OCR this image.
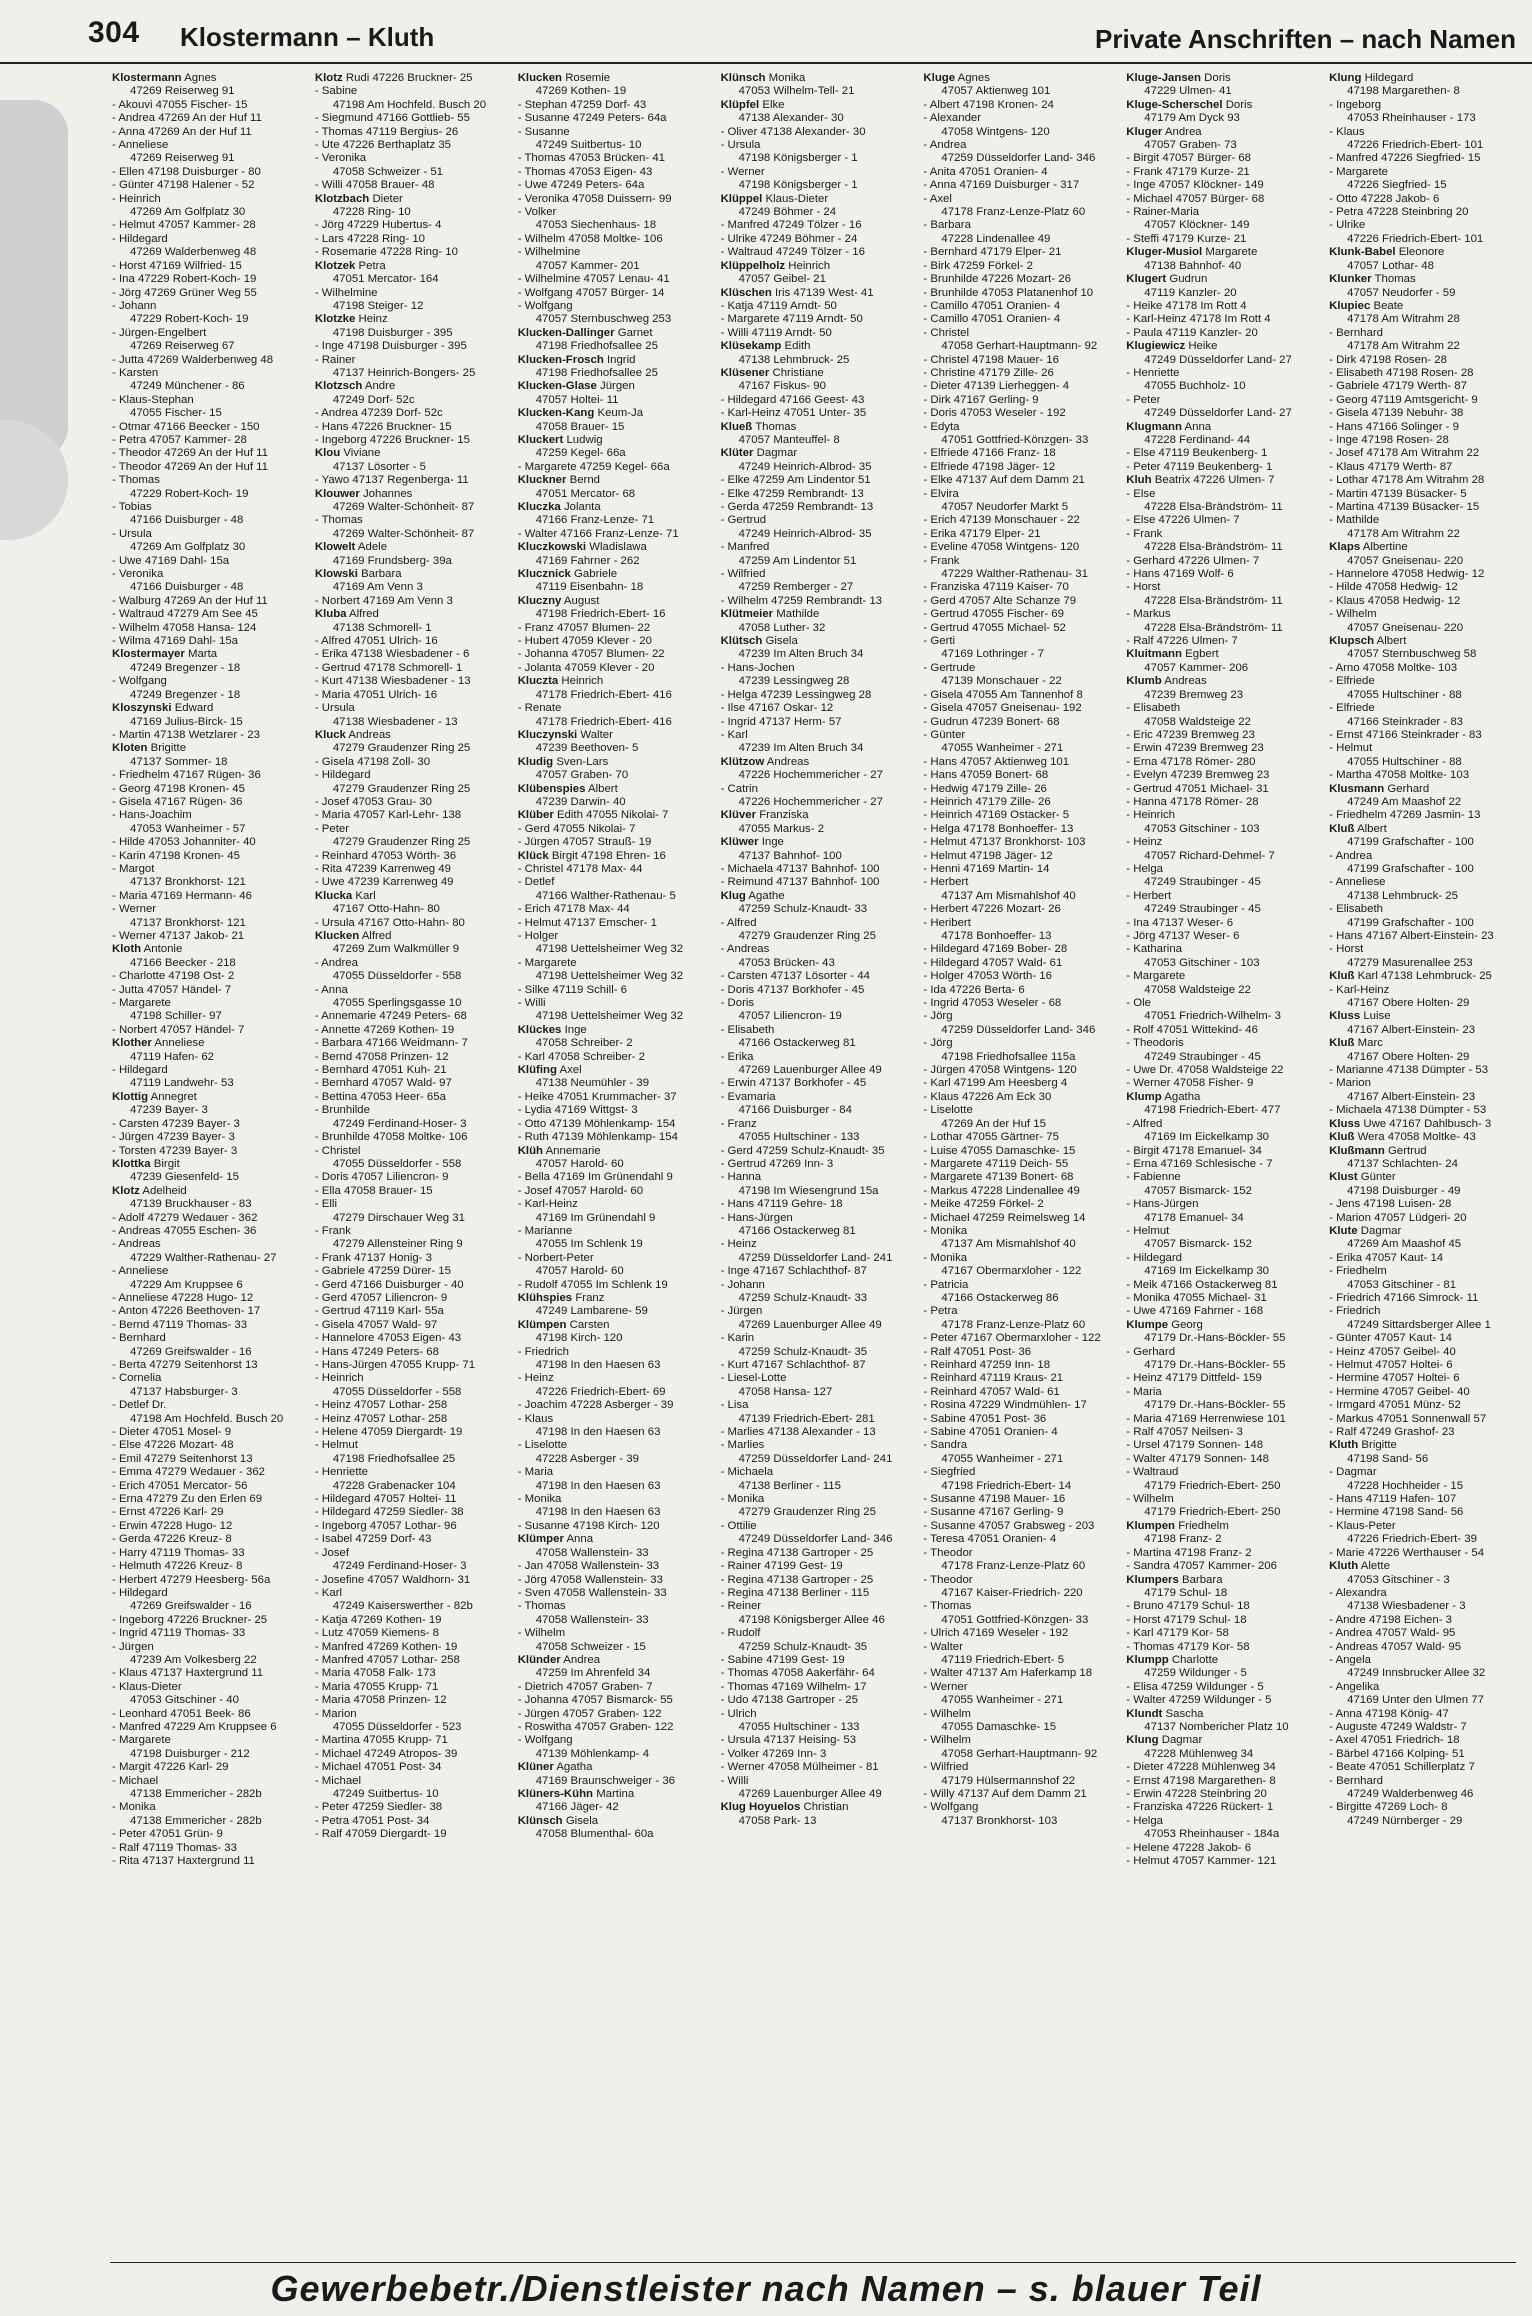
304 Klostermann – Kluth	Private Anschriften – nach Namen
Klostermann Agnes
47269 Reiserweg 91
- Akouvi 47055 Fischer- 15
- Andrea 47269 An der Huf 11
- Anna 47269 An der Huf 11
- Anneliese
47269 Reiserweg 91
- Ellen 47198 Duisburger - 80
- Günter 47198 Halener - 52
- Heinrich
47269 Am Golfplatz 30
- Helmut 47057 Kammer- 28
- Hildegard
47269 Walderbenweg 48
- Horst 47169 Wilfried- 15
- Ina 47229 Robert-Koch- 19
- Jörg 47269 Grüner Weg 55
- Johann
47229 Robert-Koch- 19
- Jürgen-Engelbert
47269 Reiserweg 67
- Jutta 47269 Walderbenweg 48
- Karsten
47249 Münchener - 86
- Klaus-Stephan
47055 Fischer- 15
- Otmar 47166 Beecker - 150
- Petra 47057 Kammer- 28
- Theodor 47269 An der Huf 11
- Theodor 47269 An der Huf 11
- Thomas
47229 Robert-Koch- 19
- Tobias
47166 Duisburger - 48
- Ursula
47269 Am Golfplatz 30
- Uwe 47169 Dahl- 15a
- Veronika
47166 Duisburger - 48
- Walburg 47269 An der Huf 11
- Waltraud 47279 Am See 45
- Wilhelm 47058 Hansa- 124
- Wilma 47169 Dahl- 15a
Klostermayer Marta
47249 Bregenzer - 18
- Wolfgang
47249 Bregenzer - 18
Kloszynski Edward
47169 Julius-Birck- 15
- Martin 47138 Wetzlarer - 23
Kloten Brigitte
47137 Sommer- 18
- Friedhelm 47167 Rügen- 36
- Georg 47198 Kronen- 45
- Gisela 47167 Rügen- 36
- Hans-Joachim
47053 Wanheimer - 57
- Hilde 47053 Johanniter- 40
- Karin 47198 Kronen- 45
- Margot
47137 Bronkhorst- 121
- Maria 47169 Hermann- 46
- Werner
47137 Bronkhorst- 121
- Werner 47137 Jakob- 21
Kloth Antonie
47166 Beecker - 218
- Charlotte 47198 Ost- 2
- Jutta 47057 Händel- 7
- Margarete
47198 Schiller- 97
- Norbert 47057 Händel- 7
Klother Anneliese
47119 Hafen- 62
- Hildegard
47119 Landwehr- 53
Klottig Annegret
47239 Bayer- 3
- Carsten 47239 Bayer- 3
- Jürgen 47239 Bayer- 3
- Torsten 47239 Bayer- 3
Klottka Birgit
47239 Giesenfeld- 15
Klotz Adelheid
47139 Bruckhauser - 83
- Adolf 47279 Wedauer - 362
- Andreas 47055 Eschen- 36
- Andreas
47229 Walther-Rathenau- 27
- Anneliese
47229 Am Kruppsee 6
- Anneliese 47228 Hugo- 12
- Anton 47226 Beethoven- 17
- Bernd 47119 Thomas- 33
- Bernhard
47269 Greifswalder - 16
- Berta 47279 Seitenhorst 13
- Cornelia
47137 Habsburger- 3
- Detlef Dr.
47198 Am Hochfeld. Busch 20
- Dieter 47051 Mosel- 9
- Else 47226 Mozart- 48
- Emil 47279 Seitenhorst 13
- Emma 47279 Wedauer - 362
- Erich 47051 Mercator- 56
- Erna 47279 Zu den Erlen 69
- Ernst 47226 Karl- 29
- Erwin 47228 Hugo- 12
- Gerda 47226 Kreuz- 8
- Harry 47119 Thomas- 33
- Helmuth 47226 Kreuz- 8
- Herbert 47279 Heesberg- 56a
- Hildegard
47269 Greifswalder - 16
- Ingeborg 47226 Bruckner- 25
- Ingrid 47119 Thomas- 33
- Jürgen
47239 Am Volkesberg 22
- Klaus 47137 Haxtergrund 11
- Klaus-Dieter
47053 Gitschiner - 40
- Leonhard 47051 Beek- 86
- Manfred 47229 Am Kruppsee 6
- Margarete
47198 Duisburger - 212
- Margit 47226 Karl- 29
- Michael
47138 Emmericher - 282b
- Monika
47138 Emmericher - 282b
- Peter 47051 Grün- 9
- Ralf 47119 Thomas- 33
- Rita 47137 Haxtergrund 11
Klotz Rudi 47226 Bruckner- 25
- Sabine
47198 Am Hochfeld. Busch 20
- Siegmund 47166 Gottlieb- 55
- Thomas 47119 Bergius- 26
- Ute 47226 Berthaplatz 35
- Veronika
47058 Schweizer - 51
- Willi 47058 Brauer- 48
Klotzbach Dieter
47228 Ring- 10
- Jörg 47229 Hubertus- 4
- Lars 47228 Ring- 10
- Rosemarie 47228 Ring- 10
Klotzek Petra
47051 Mercator- 164
- Wilhelmine
47198 Steiger- 12
Klotzke Heinz
47198 Duisburger - 395
- Inge 47198 Duisburger - 395
- Rainer
47137 Heinrich-Bongers- 25
Klotzsch Andre
47249 Dorf- 52c
- Andrea 47239 Dorf- 52c
- Hans 47226 Bruckner- 15
- Ingeborg 47226 Bruckner- 15
Klou Viviane
47137 Lösorter - 5
- Yawo 47137 Regenberga- 11
Klouwer Johannes
47269 Walter-Schönheit- 87
- Thomas
47269 Walter-Schönheit- 87
Klowelt Adele
47169 Frundsberg- 39a
Klowski Barbara
47169 Am Venn 3
- Norbert 47169 Am Venn 3
Kluba Alfred
47138 Schmorell- 1
- Alfred 47051 Ulrich- 16
- Erika 47138 Wiesbadener - 6
- Gertrud 47178 Schmorell- 1
- Kurt 47138 Wiesbadener - 13
- Maria 47051 Ulrich- 16
- Ursula
47138 Wiesbadener - 13
Kluck Andreas
47279 Graudenzer Ring 25
- Gisela 47198 Zoll- 30
- Hildegard
47279 Graudenzer Ring 25
- Josef 47053 Grau- 30
- Maria 47057 Karl-Lehr- 138
- Peter
47279 Graudenzer Ring 25
- Reinhard 47053 Wörth- 36
- Rita 47239 Karrenweg 49
- Uwe 47239 Karrenweg 49
Klucka Karl
47167 Otto-Hahn- 80
- Ursula 47167 Otto-Hahn- 80
Klucken Alfred
47269 Zum Walkmüller 9
- Andrea
47055 Düsseldorfer - 558
- Anna
47055 Sperlingsgasse 10
- Annemarie 47249 Peters- 68
- Annette 47269 Kothen- 19
- Barbara 47166 Weidmann- 7
- Bernd 47058 Prinzen- 12
- Bernhard 47051 Kuh- 21
- Bernhard 47057 Wald- 97
- Bettina 47053 Heer- 65a
- Brunhilde
47249 Ferdinand-Hoser- 3
- Brunhilde 47058 Moltke- 106
- Christel
47055 Düsseldorfer - 558
- Doris 47057 Liliencron- 9
- Ella 47058 Brauer- 15
- Elli
47279 Dirschauer Weg 31
- Frank
47279 Allensteiner Ring 9
- Frank 47137 Honig- 3
- Gabriele 47259 Dürer- 15
- Gerd 47166 Duisburger - 40
- Gerd 47057 Liliencron- 9
- Gertrud 47119 Karl- 55a
- Gisela 47057 Wald- 97
- Hannelore 47053 Eigen- 43
- Hans 47249 Peters- 68
- Hans-Jürgen 47055 Krupp- 71
- Heinrich
47055 Düsseldorfer - 558
- Heinz 47057 Lothar- 258
- Heinz 47057 Lothar- 258
- Helene 47059 Diergardt- 19
- Helmut
47198 Friedhofsallee 25
- Henriette
47228 Grabenacker 104
- Hildegard 47057 Holtei- 11
- Hildegard 47259 Siedler- 38
- Ingeborg 47057 Lothar- 96
- Isabel 47259 Dorf- 43
- Josef
47249 Ferdinand-Hoser- 3
- Josefine 47057 Waldhorn- 31
- Karl
47249 Kaiserswerther - 82b
- Katja 47269 Kothen- 19
- Lutz 47059 Kiemens- 8
- Manfred 47269 Kothen- 19
- Manfred 47057 Lothar- 258
- Maria 47058 Falk- 173
- Maria 47055 Krupp- 71
- Maria 47058 Prinzen- 12
- Marion
47055 Düsseldorfer - 523
- Martina 47055 Krupp- 71
- Michael 47249 Atropos- 39
- Michael 47051 Post- 34
- Michael
47249 Suitbertus- 10
- Peter 47259 Siedler- 38
- Petra 47051 Post- 34
- Ralf 47059 Diergardt- 19
Klucken Rosemie
47269 Kothen- 19
- Stephan 47259 Dorf- 43
- Susanne 47249 Peters- 64a
- Susanne
47249 Suitbertus- 10
- Thomas 47053 Brücken- 41
- Thomas 47053 Eigen- 43
- Uwe 47249 Peters- 64a
- Veronika 47058 Duissern- 99
- Volker
47053 Siechenhaus- 18
- Wilhelm 47058 Moltke- 106
- Wilhelmine
47057 Kammer- 201
- Wilhelmine 47057 Lenau- 41
- Wolfgang 47057 Bürger- 14
- Wolfgang
47057 Sternbuschweg 253
Klucken-Dallinger Garnet
47198 Friedhofsallee 25
Klucken-Frosch Ingrid
47198 Friedhofsallee 25
Klucken-Glase Jürgen
47057 Holtei- 11
Klucken-Kang Keum-Ja
47058 Brauer- 15
Kluckert Ludwig
47259 Kegel- 66a
- Margarete 47259 Kegel- 66a
Kluckner Bernd
47051 Mercator- 68
Kluczka Jolanta
47166 Franz-Lenze- 71
- Walter 47166 Franz-Lenze- 71
Kluczkowski Wladislawa
47169 Fahrner - 262
Klucznick Gabriele
47119 Eisenbahn- 18
Kluczny August
47198 Friedrich-Ebert- 16
- Franz 47057 Blumen- 22
- Hubert 47059 Klever - 20
- Johanna 47057 Blumen- 22
- Jolanta 47059 Klever - 20
Kluczta Heinrich
47178 Friedrich-Ebert- 416
- Renate
47178 Friedrich-Ebert- 416
Kluczynski Walter
47239 Beethoven- 5
Kludig Sven-Lars
47057 Graben- 70
Klübenspies Albert
47239 Darwin- 40
Klüber Edith 47055 Nikolai- 7
- Gerd 47055 Nikolai- 7
- Jürgen 47057 Strauß- 19
Klück Birgit 47198 Ehren- 16
- Christel 47178 Max- 44
- Detlef
47166 Walther-Rathenau- 5
- Erich 47178 Max- 44
- Helmut 47137 Emscher- 1
- Holger
47198 Uettelsheimer Weg 32
- Margarete
47198 Uettelsheimer Weg 32
- Silke 47119 Schill- 6
- Willi
47198 Uettelsheimer Weg 32
Klückes Inge
47058 Schreiber- 2
- Karl 47058 Schreiber- 2
Klüfing Axel
47138 Neumühler - 39
- Heike 47051 Krummacher- 37
- Lydia 47169 Wittgst- 3
- Otto 47139 Möhlenkamp- 154
- Ruth 47139 Möhlenkamp- 154
Klüh Annemarie
47057 Harold- 60
- Bella 47169 Im Grünendahl 9
- Josef 47057 Harold- 60
- Karl-Heinz
47169 Im Grünendahl 9
- Marianne
47055 Im Schlenk 19
- Norbert-Peter
47057 Harold- 60
- Rudolf 47055 Im Schlenk 19
Klühspies Franz
47249 Lambarene- 59
Klümpen Carsten
47198 Kirch- 120
- Friedrich
47198 In den Haesen 63
- Heinz
47226 Friedrich-Ebert- 69
- Joachim 47228 Asberger - 39
- Klaus
47198 In den Haesen 63
- Liselotte
47228 Asberger - 39
- Maria
47198 In den Haesen 63
- Monika
47198 In den Haesen 63
- Susanne 47198 Kirch- 120
Klümper Anna
47058 Wallenstein- 33
- Jan 47058 Wallenstein- 33
- Jörg 47058 Wallenstein- 33
- Sven 47058 Wallenstein- 33
- Thomas
47058 Wallenstein- 33
- Wilhelm
47058 Schweizer - 15
Klünder Andrea
47259 Im Ahrenfeld 34
- Dietrich 47057 Graben- 7
- Johanna 47057 Bismarck- 55
- Jürgen 47057 Graben- 122
- Roswitha 47057 Graben- 122
- Wolfgang
47139 Möhlenkamp- 4
Klüner Agatha
47169 Braunschweiger - 36
Klüners-Kühn Martina
47166 Jäger- 42
Klünsch Gisela
47058 Blumenthal- 60a
Klünsch Monika
47053 Wilhelm-Tell- 21
Klüpfel Elke
47138 Alexander- 30
- Oliver 47138 Alexander- 30
- Ursula
47198 Königsberger - 1
- Werner
47198 Königsberger - 1
Klüppel Klaus-Dieter
47249 Böhmer - 24
- Manfred 47249 Tölzer - 16
- Ulrike 47249 Böhmer - 24
- Waltraud 47249 Tölzer - 16
Klüppelholz Heinrich
47057 Geibel- 21
Klüschen Iris 47139 West- 41
- Katja 47119 Arndt- 50
- Margarete 47119 Arndt- 50
- Willi 47119 Arndt- 50
Klüsekamp Edith
47138 Lehmbruck- 25
Klüsener Christiane
47167 Fiskus- 90
- Hildegard 47166 Geest- 43
- Karl-Heinz 47051 Unter- 35
Klueß Thomas
47057 Manteuffel- 8
Klüter Dagmar
47249 Heinrich-Albrod- 35
- Elke 47259 Am Lindentor 51
- Elke 47259 Rembrandt- 13
- Gerda 47259 Rembrandt- 13
- Gertrud
47249 Heinrich-Albrod- 35
- Manfred
47259 Am Lindentor 51
- Wilfried
47259 Remberger - 27
- Wilhelm 47259 Rembrandt- 13
Klütmeier Mathilde
47058 Luther- 32
Klütsch Gisela
47239 Im Alten Bruch 34
- Hans-Jochen
47239 Lessingweg 28
- Helga 47239 Lessingweg 28
- Ilse 47167 Oskar- 12
- Ingrid 47137 Herm- 57
- Karl
47239 Im Alten Bruch 34
Klützow Andreas
47226 Hochemmericher - 27
- Catrin
47226 Hochemmericher - 27
Klüver Franziska
47055 Markus- 2
Klüwer Inge
47137 Bahnhof- 100
- Michaela 47137 Bahnhof- 100
- Reimund 47137 Bahnhof- 100
Klug Agathe
47259 Schulz-Knaudt- 33
- Alfred
47279 Graudenzer Ring 25
- Andreas
47053 Brücken- 43
- Carsten 47137 Lösorter - 44
- Doris 47137 Borkhofer - 45
- Doris
47057 Liliencron- 19
- Elisabeth
47166 Ostackerweg 81
- Erika
47269 Lauenburger Allee 49
- Erwin 47137 Borkhofer - 45
- Evamaria
47166 Duisburger - 84
- Franz
47055 Hultschiner - 133
- Gerd 47259 Schulz-Knaudt- 35
- Gertrud 47269 Inn- 3
- Hanna
47198 Im Wiesengrund 15a
- Hans 47119 Gehre- 18
- Hans-Jürgen
47166 Ostackerweg 81
- Heinz
47259 Düsseldorfer Land- 241
- Inge 47167 Schlachthof- 87
- Johann
47259 Schulz-Knaudt- 33
- Jürgen
47269 Lauenburger Allee 49
- Karin
47259 Schulz-Knaudt- 35
- Kurt 47167 Schlachthof- 87
- Liesel-Lotte
47058 Hansa- 127
- Lisa
47139 Friedrich-Ebert- 281
- Marlies 47138 Alexander - 13
- Marlies
47259 Düsseldorfer Land- 241
- Michaela
47138 Berliner - 115
- Monika
47279 Graudenzer Ring 25
- Ottilie
47249 Düsseldorfer Land- 346
- Regina 47138 Gartroper - 25
- Rainer 47199 Gest- 19
- Regina 47138 Gartroper - 25
- Regina 47138 Berliner - 115
- Reiner
47198 Königsberger Allee 46
- Rudolf
47259 Schulz-Knaudt- 35
- Sabine 47199 Gest- 19
- Thomas 47058 Aakerfähr- 64
- Thomas 47169 Wilhelm- 17
- Udo 47138 Gartroper - 25
- Ulrich
47055 Hultschiner - 133
- Ursula 47137 Heising- 53
- Volker 47269 Inn- 3
- Werner 47058 Mülheimer - 81
- Willi
47269 Lauenburger Allee 49
Klug Hoyuelos Christian
47058 Park- 13
Kluge Agnes
47057 Aktienweg 101
- Albert 47198 Kronen- 24
- Alexander
47058 Wintgens- 120
- Andrea
47259 Düsseldorfer Land- 346
- Anita 47051 Oranien- 4
- Anna 47169 Duisburger - 317
- Axel
47178 Franz-Lenze-Platz 60
- Barbara
47228 Lindenallee 49
- Bernhard 47179 Elper- 21
- Birk 47259 Förkel- 2
- Brunhilde 47226 Mozart- 26
- Brunhilde 47053 Platanenhof 10
- Camillo 47051 Oranien- 4
- Camillo 47051 Oranien- 4
- Christel
47058 Gerhart-Hauptmann- 92
- Christel 47198 Mauer- 16
- Christine 47179 Zille- 26
- Dieter 47139 Lierheggen- 4
- Dirk 47167 Gerling- 9
- Doris 47053 Weseler - 192
- Edyta
47051 Gottfried-Könzgen- 33
- Elfriede 47166 Franz- 18
- Elfriede 47198 Jäger- 12
- Elke 47137 Auf dem Damm 21
- Elvira
47057 Neudorfer Markt 5
- Erich 47139 Monschauer - 22
- Erika 47179 Elper- 21
- Eveline 47058 Wintgens- 120
- Frank
47229 Walther-Rathenau- 31
- Franziska 47119 Kaiser- 70
- Gerd 47057 Alte Schanze 79
- Gertrud 47055 Fischer- 69
- Gertrud 47055 Michael- 52
- Gerti
47169 Lothringer - 7
- Gertrude
47139 Monschauer - 22
- Gisela 47055 Am Tannenhof 8
- Gisela 47057 Gneisenau- 192
- Gudrun 47239 Bonert- 68
- Günter
47055 Wanheimer - 271
- Hans 47057 Aktienweg 101
- Hans 47059 Bonert- 68
- Hedwig 47179 Zille- 26
- Heinrich 47179 Zille- 26
- Heinrich 47169 Ostacker- 5
- Helga 47178 Bonhoeffer- 13
- Helmut 47137 Bronkhorst- 103
- Helmut 47198 Jäger- 12
- Henni 47169 Martin- 14
- Herbert
47137 Am Mismahlshof 40
- Herbert 47226 Mozart- 26
- Heribert
47178 Bonhoeffer- 13
- Hildegard 47169 Bober- 28
- Hildegard 47057 Wald- 61
- Holger 47053 Wörth- 16
- Ida 47226 Berta- 6
- Ingrid 47053 Weseler - 68
- Jörg
47259 Düsseldorfer Land- 346
- Jörg
47198 Friedhofsallee 115a
- Jürgen 47058 Wintgens- 120
- Karl 47199 Am Heesberg 4
- Klaus 47226 Am Eck 30
- Liselotte
47269 An der Huf 15
- Lothar 47055 Gärtner- 75
- Luise 47055 Damaschke- 15
- Margarete 47119 Deich- 55
- Margarete 47139 Bonert- 68
- Markus 47228 Lindenallee 49
- Meike 47259 Förkel- 2
- Michael 47259 Reimelsweg 14
- Monika
47137 Am Mismahlshof 40
- Monika
47167 Obermarxloher - 122
- Patricia
47166 Ostackerweg 86
- Petra
47178 Franz-Lenze-Platz 60
- Peter 47167 Obermarxloher - 122
- Ralf 47051 Post- 36
- Reinhard 47259 Inn- 18
- Reinhard 47119 Kraus- 21
- Reinhard 47057 Wald- 61
- Rosina 47229 Windmühlen- 17
- Sabine 47051 Post- 36
- Sabine 47051 Oranien- 4
- Sandra
47055 Wanheimer - 271
- Siegfried
47198 Friedrich-Ebert- 14
- Susanne 47198 Mauer- 16
- Susanne 47167 Gerling- 9
- Susanne 47057 Grabsweg - 203
- Teresa 47051 Oranien- 4
- Theodor
47178 Franz-Lenze-Platz 60
- Theodor
47167 Kaiser-Friedrich- 220
- Thomas
47051 Gottfried-Könzgen- 33
- Ulrich 47169 Weseler - 192
- Walter
47119 Friedrich-Ebert- 5
- Walter 47137 Am Haferkamp 18
- Werner
47055 Wanheimer - 271
- Wilhelm
47055 Damaschke- 15
- Wilhelm
47058 Gerhart-Hauptmann- 92
- Wilfried
47179 Hülsermannshof 22
- Willy 47137 Auf dem Damm 21
- Wolfgang
47137 Bronkhorst- 103
Kluge-Jansen Doris
47229 Ulmen- 41
Kluge-Scherschel Doris
47179 Am Dyck 93
Kluger Andrea
47057 Graben- 73
- Birgit 47057 Bürger- 68
- Frank 47179 Kurze- 21
- Inge 47057 Klöckner- 149
- Michael 47057 Bürger- 68
- Rainer-Maria
47057 Klöckner- 149
- Steffi 47179 Kurze- 21
Kluger-Musiol Margarete
47138 Bahnhof- 40
Klugert Gudrun
47119 Kanzler- 20
- Heike 47178 Im Rott 4
- Karl-Heinz 47178 Im Rott 4
- Paula 47119 Kanzler- 20
Klugiewicz Heike
47249 Düsseldorfer Land- 27
- Henriette
47055 Buchholz- 10
- Peter
47249 Düsseldorfer Land- 27
Klugmann Anna
47228 Ferdinand- 44
- Else 47119 Beukenberg- 1
- Peter 47119 Beukenberg- 1
Kluh Beatrix 47226 Ulmen- 7
- Else
47228 Elsa-Brändström- 11
- Else 47226 Ulmen- 7
- Frank
47228 Elsa-Brändström- 11
- Gerhard 47226 Ulmen- 7
- Hans 47169 Wolf- 6
- Horst
47228 Elsa-Brändström- 11
- Markus
47228 Elsa-Brändström- 11
- Ralf 47226 Ulmen- 7
Kluitmann Egbert
47057 Kammer- 206
Klumb Andreas
47239 Bremweg 23
- Elisabeth
47058 Waldsteige 22
- Eric 47239 Bremweg 23
- Erwin 47239 Bremweg 23
- Erna 47178 Römer- 280
- Evelyn 47239 Bremweg 23
- Gertrud 47051 Michael- 31
- Hanna 47178 Römer- 28
- Heinrich
47053 Gitschiner - 103
- Heinz
47057 Richard-Dehmel- 7
- Helga
47249 Straubinger - 45
- Herbert
47249 Straubinger - 45
- Ina 47137 Weser- 6
- Jörg 47137 Weser- 6
- Katharina
47053 Gitschiner - 103
- Margarete
47058 Waldsteige 22
- Ole
47051 Friedrich-Wilhelm- 3
- Rolf 47051 Wittekind- 46
- Theodoris
47249 Straubinger - 45
- Uwe Dr. 47058 Waldsteige 22
- Werner 47058 Fisher- 9
Klump Agatha
47198 Friedrich-Ebert- 477
- Alfred
47169 Im Eickelkamp 30
- Birgit 47178 Emanuel- 34
- Erna 47169 Schlesische - 7
- Fabienne
47057 Bismarck- 152
- Hans-Jürgen
47178 Emanuel- 34
- Helmut
47057 Bismarck- 152
- Hildegard
47169 Im Eickelkamp 30
- Meik 47166 Ostackerweg 81
- Monika 47055 Michael- 31
- Uwe 47169 Fahrner - 168
Klumpe Georg
47179 Dr.-Hans-Böckler- 55
- Gerhard
47179 Dr.-Hans-Böckler- 55
- Heinz 47179 Dittfeld- 159
- Maria
47179 Dr.-Hans-Böckler- 55
- Maria 47169 Herrenwiese 101
- Ralf 47057 Neilsen- 3
- Ursel 47179 Sonnen- 148
- Walter 47179 Sonnen- 148
- Waltraud
47179 Friedrich-Ebert- 250
- Wilhelm
47179 Friedrich-Ebert- 250
Klumpen Friedhelm
47198 Franz- 2
- Martina 47198 Franz- 2
- Sandra 47057 Kammer- 206
Klumpers Barbara
47179 Schul- 18
- Bruno 47179 Schul- 18
- Horst 47179 Schul- 18
- Karl 47179 Kor- 58
- Thomas 47179 Kor- 58
Klumpp Charlotte
47259 Wildunger - 5
- Elisa 47259 Wildunger - 5
- Walter 47259 Wildunger - 5
Klundt Sascha
47137 Nombericher Platz 10
Klung Dagmar
47228 Mühlenweg 34
- Dieter 47228 Mühlenweg 34
- Ernst 47198 Margarethen- 8
- Erwin 47228 Steinbring 20
- Franziska 47226 Rückert- 1
- Helga
47053 Rheinhauser - 184a
- Helene 47228 Jakob- 6
- Helmut 47057 Kammer- 121
Klung Hildegard
47198 Margarethen- 8
- Ingeborg
47053 Rheinhauser - 173
- Klaus
47226 Friedrich-Ebert- 101
- Manfred 47226 Siegfried- 15
- Margarete
47226 Siegfried- 15
- Otto 47228 Jakob- 6
- Petra 47228 Steinbring 20
- Ulrike
47226 Friedrich-Ebert- 101
Klunk-Babel Eleonore
47057 Lothar- 48
Klunker Thomas
47057 Neudorfer - 59
Klupiec Beate
47178 Am Witrahm 28
- Bernhard
47178 Am Witrahm 22
- Dirk 47198 Rosen- 28
- Elisabeth 47198 Rosen- 28
- Gabriele 47179 Werth- 87
- Georg 47119 Amtsgericht- 9
- Gisela 47139 Nebuhr- 38
- Hans 47166 Solinger - 9
- Inge 47198 Rosen- 28
- Josef 47178 Am Witrahm 22
- Klaus 47179 Werth- 87
- Lothar 47178 Am Witrahm 28
- Martin 47139 Büsacker- 5
- Martina 47139 Büsacker- 15
- Mathilde
47178 Am Witrahm 22
Klaps Albertine
47057 Gneisenau- 220
- Hannelore 47058 Hedwig- 12
- Hilde 47058 Hedwig- 12
- Klaus 47058 Hedwig- 12
- Wilhelm
47057 Gneisenau- 220
Klupsch Albert
47057 Sternbuschweg 58
- Arno 47058 Moltke- 103
- Elfriede
47055 Hultschiner - 88
- Elfriede
47166 Steinkrader - 83
- Ernst 47166 Steinkrader - 83
- Helmut
47055 Hultschiner - 88
- Martha 47058 Moltke- 103
Klusmann Gerhard
47249 Am Maashof 22
- Friedhelm 47269 Jasmin- 13
Kluß Albert
47199 Grafschafter - 100
- Andrea
47199 Grafschafter - 100
- Anneliese
47138 Lehmbruck- 25
- Elisabeth
47199 Grafschafter - 100
- Hans 47167 Albert-Einstein- 23
- Horst
47279 Masurenallee 253
Kluß Karl 47138 Lehmbruck- 25
- Karl-Heinz
47167 Obere Holten- 29
Kluss Luise
47167 Albert-Einstein- 23
Kluß Marc
47167 Obere Holten- 29
- Marianne 47138 Dümpter - 53
- Marion
47167 Albert-Einstein- 23
- Michaela 47138 Dümpter - 53
Kluss Uwe 47167 Dahlbusch- 3
Kluß Wera 47058 Moltke- 43
Klußmann Gertrud
47137 Schlachten- 24
Klust Günter
47198 Duisburger - 49
- Jens 47198 Luisen- 28
- Marion 47057 Lüdgeri- 20
Klute Dagmar
47269 Am Maashof 45
- Erika 47057 Kaut- 14
- Friedhelm
47053 Gitschiner - 81
- Friedrich 47166 Simrock- 11
- Friedrich
47249 Sittardsberger Allee 1
- Günter 47057 Kaut- 14
- Heinz 47057 Geibel- 40
- Helmut 47057 Holtei- 6
- Hermine 47057 Holtei- 6
- Hermine 47057 Geibel- 40
- Irmgard 47051 Münz- 52
- Markus 47051 Sonnenwall 57
- Ralf 47249 Grashof- 23
Kluth Brigitte
47198 Sand- 56
- Dagmar
47228 Hochheider - 15
- Hans 47119 Hafen- 107
- Hermine 47198 Sand- 56
- Klaus-Peter
47226 Friedrich-Ebert- 39
- Marie 47226 Werthauser - 54
Kluth Alette
47053 Gitschiner - 3
- Alexandra
47138 Wiesbadener - 3
- Andre 47198 Eichen- 3
- Andrea 47057 Wald- 95
- Andreas 47057 Wald- 95
- Angela
47249 Innsbrucker Allee 32
- Angelika
47169 Unter den Ulmen 77
- Anna 47198 König- 47
- Auguste 47249 Waldstr- 7
- Axel 47051 Friedrich- 18
- Bärbel 47166 Kolping- 51
- Beate 47051 Schillerplatz 7
- Bernhard
47249 Walderbenweg 46
- Birgitte 47269 Loch- 8
47249 Nürnberger - 29
Gewerbebetr./Dienstleister nach Namen – s. blauer Teil
